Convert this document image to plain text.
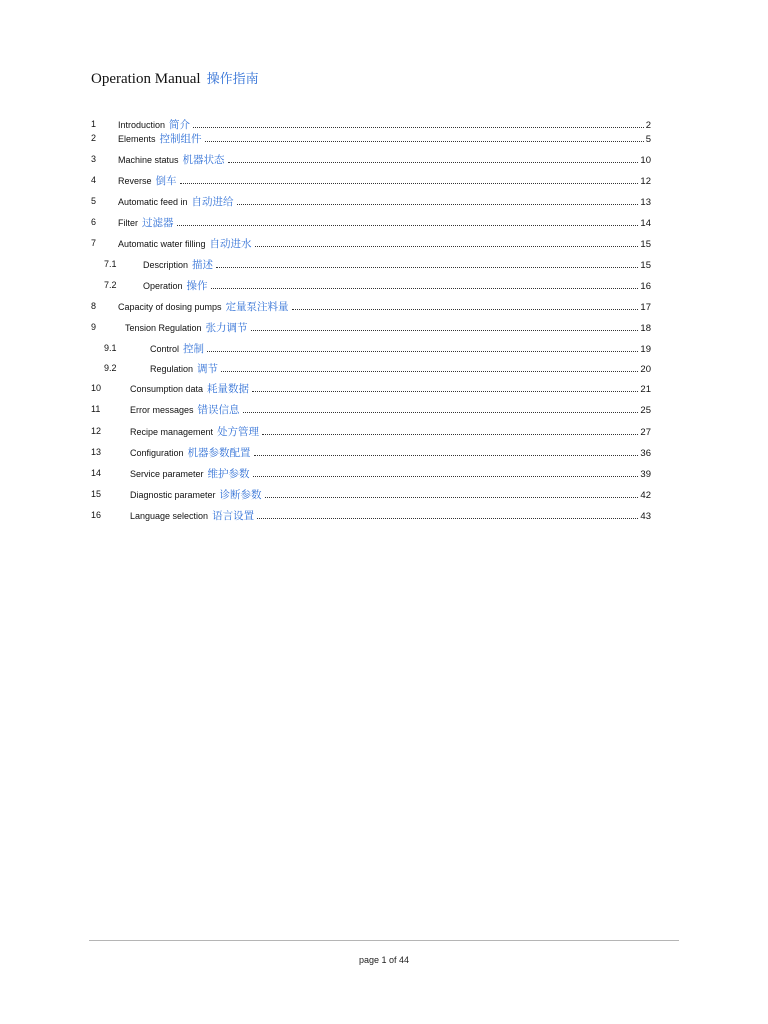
Operation Manual 操作指南
1 Introduction 简介	2
2 Elements 控制组件	5
3 Machine status 机器状态	10
4 Reverse 倒车	12
5 Automatic feed in 自动进给	13
6 Filter 过滤器	14
7 Automatic water filling 自动进水	15
7.1	Description 描述	15
7.2	Operation 操作	16
8 Capacity of dosing pumps 定量泵注料量	17
9	Tension Regulation 张力调节	18
9.1	Control 控制	19
9.2	Regulation 调节	20
10	Consumption data 耗量数据	21
11	Error messages 错误信息	25
12	Recipe management 处方管理	27
13	Configuration 机器参数配置	36
14	Service parameter 维护参数	39
15	Diagnostic parameter 诊断参数	42
16	Language selection 语言设置	43
page 1 of 44
